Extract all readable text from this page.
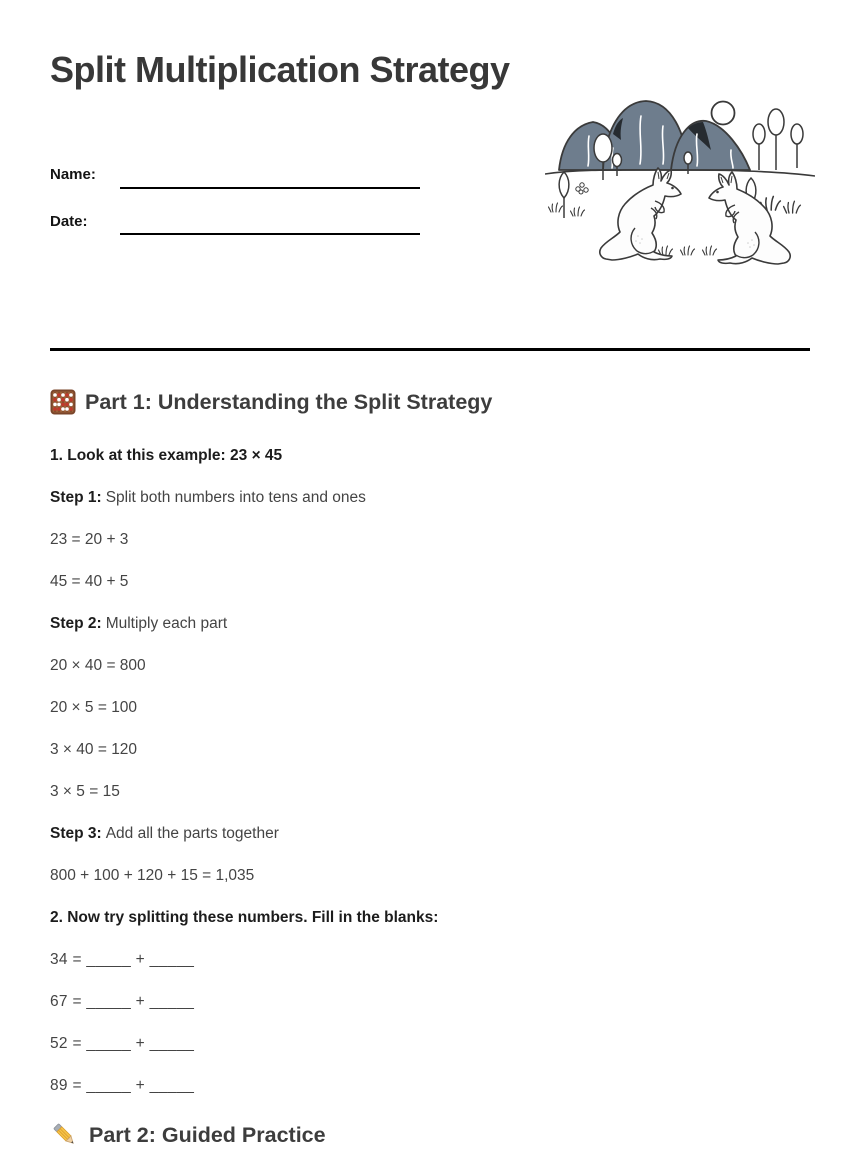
Split Multiplication Strategy
Name:
Date:
Part 1: Understanding the Split Strategy

1. Look at this example: 23 × 45

Step 1: Split both numbers into tens and ones

23 = 20 + 3

45 = 40 + 5

Step 2: Multiply each part

20 × 40 = 800

20 × 5 = 100

3 × 40 = 120

3 × 5 = 15

Step 3: Add all the parts together

800 + 100 + 120 + 15 = 1,035

2. Now try splitting these numbers. Fill in the blanks:

34 = _____ + _____

67 = _____ + _____

52 = _____ + _____

89 = _____ + _____

Part 2: Guided Practice
